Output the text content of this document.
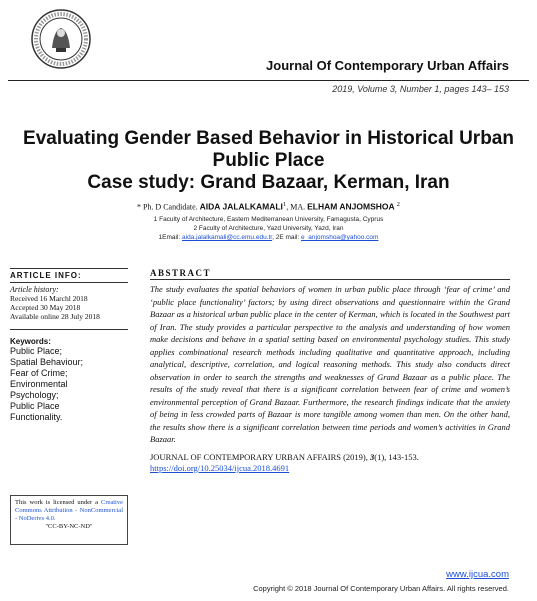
Journal Of Contemporary Urban Affairs
2019, Volume 3, Number 1, pages 143– 153
Evaluating Gender Based Behavior in Historical Urban
Public Place
Case study: Grand Bazaar, Kerman, Iran
* Ph. D Candidate. AIDA JALALKAMALI$^1$, MA. ELHAM ANJOMSHOA $^2$
1 Faculty of Architecture, Eastern Mediterranean University, Famagusta, Cyprus
2 Faculty of Architecture, Yazd University, Yazd, Iran
1Email: aida.jalalkamali@cc.emu.edu.tr, 2E mail: e_anjomshoa@yahoo.com
ARTICLE INFO:
Article history:
Received 16 Marchl 2018
Accepted 30 May 2018
Available online 28 July 2018
Keywords:
Public Place;
Spatial Behaviour;
Fear of Crime;
Environmental
Psychology;
Public Place
Functionality.
This work is licensed under a Creative Commons Attribution - NonCommercial - NoDerivs 4.0.
"CC-BY-NC-ND"
ABSTRACT
The study evaluates the spatial behaviors of women in urban public place through ‘fear of crime’ and ‘public place functionality’ factors; by using direct observations and questionnaire within the Grand Bazaar as a historical urban public place in the center of Kerman, which is located in the Southwest part of Iran. The study provides a particular perspective to the analysis and understanding of how women make decisions and behave in a spatial setting based on environmental psychology studies. This study applies combinational research methods including qualitative and quantitative approach, including analytical, descriptive, correlation, and logical reasoning methods. This study also conducts direct observation in order to search the strengths and weaknesses of Grand Bazaar as a public place. The results of the study reveal that there is a significant correlation between fear of crime and women’s environmental perception of Grand Bazaar. Furthermore, the research findings indicate that the anxiety of being in less crowded parts of Bazaar is more tangible among women than men. On the other hand, the results show there is a significant correlation between time periods and women’s activities in Grand Bazaar.
JOURNAL OF CONTEMPORARY URBAN AFFAIRS (2019), 3(1), 143-153.
https://doi.org/10.25034/ijcua.2018.4691
www.ijcua.com
Copyright © 2018 Journal Of Contemporary Urban Affairs. All rights reserved.
